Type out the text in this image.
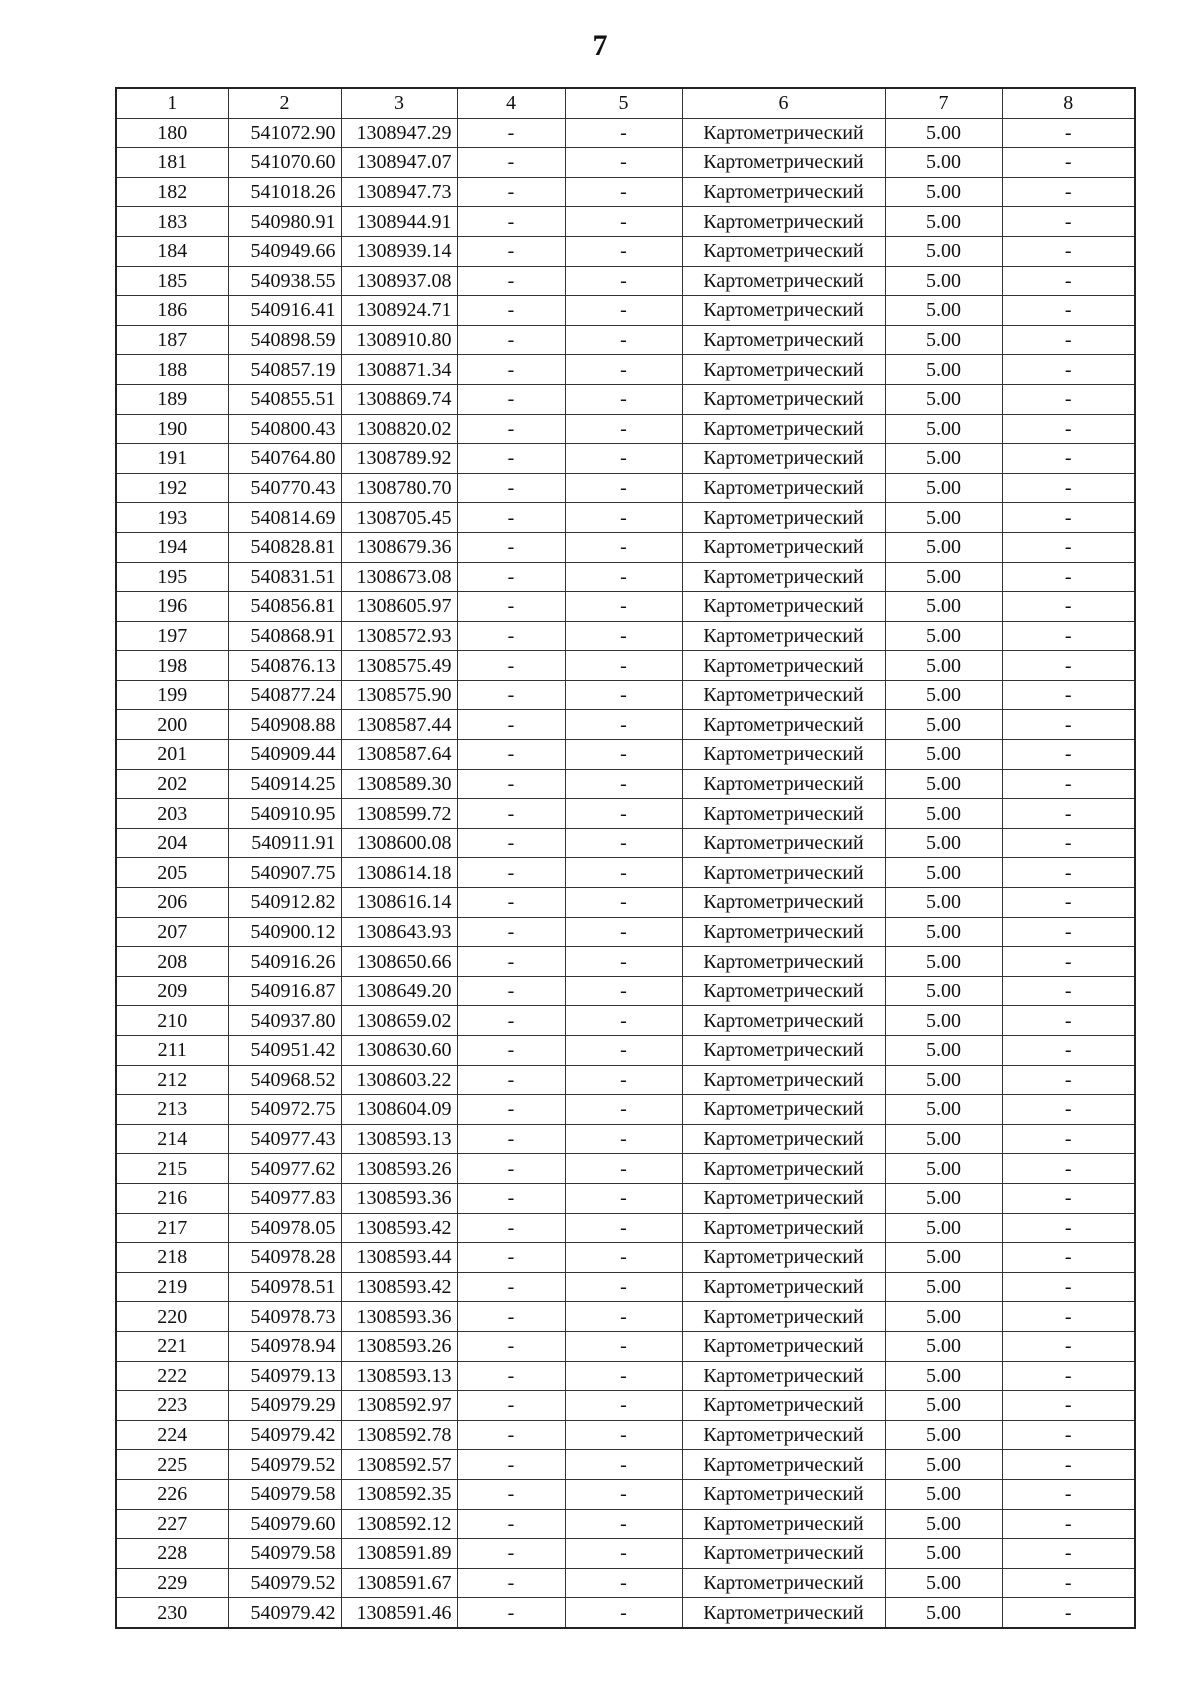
7
1	2	3	4	5	6	7	8
180	541072.90	1308947.29	-	-	Картометрический	5.00	-
181	541070.60	1308947.07	-	-	Картометрический	5.00	-
182	541018.26	1308947.73	-	-	Картометрический	5.00	-
183	540980.91	1308944.91	-	-	Картометрический	5.00	-
184	540949.66	1308939.14	-	-	Картометрический	5.00	-
185	540938.55	1308937.08	-	-	Картометрический	5.00	-
186	540916.41	1308924.71	-	-	Картометрический	5.00	-
187	540898.59	1308910.80	-	-	Картометрический	5.00	-
188	540857.19	1308871.34	-	-	Картометрический	5.00	-
189	540855.51	1308869.74	-	-	Картометрический	5.00	-
190	540800.43	1308820.02	-	-	Картометрический	5.00	-
191	540764.80	1308789.92	-	-	Картометрический	5.00	-
192	540770.43	1308780.70	-	-	Картометрический	5.00	-
193	540814.69	1308705.45	-	-	Картометрический	5.00	-
194	540828.81	1308679.36	-	-	Картометрический	5.00	-
195	540831.51	1308673.08	-	-	Картометрический	5.00	-
196	540856.81	1308605.97	-	-	Картометрический	5.00	-
197	540868.91	1308572.93	-	-	Картометрический	5.00	-
198	540876.13	1308575.49	-	-	Картометрический	5.00	-
199	540877.24	1308575.90	-	-	Картометрический	5.00	-
200	540908.88	1308587.44	-	-	Картометрический	5.00	-
201	540909.44	1308587.64	-	-	Картометрический	5.00	-
202	540914.25	1308589.30	-	-	Картометрический	5.00	-
203	540910.95	1308599.72	-	-	Картометрический	5.00	-
204	540911.91	1308600.08	-	-	Картометрический	5.00	-
205	540907.75	1308614.18	-	-	Картометрический	5.00	-
206	540912.82	1308616.14	-	-	Картометрический	5.00	-
207	540900.12	1308643.93	-	-	Картометрический	5.00	-
208	540916.26	1308650.66	-	-	Картометрический	5.00	-
209	540916.87	1308649.20	-	-	Картометрический	5.00	-
210	540937.80	1308659.02	-	-	Картометрический	5.00	-
211	540951.42	1308630.60	-	-	Картометрический	5.00	-
212	540968.52	1308603.22	-	-	Картометрический	5.00	-
213	540972.75	1308604.09	-	-	Картометрический	5.00	-
214	540977.43	1308593.13	-	-	Картометрический	5.00	-
215	540977.62	1308593.26	-	-	Картометрический	5.00	-
216	540977.83	1308593.36	-	-	Картометрический	5.00	-
217	540978.05	1308593.42	-	-	Картометрический	5.00	-
218	540978.28	1308593.44	-	-	Картометрический	5.00	-
219	540978.51	1308593.42	-	-	Картометрический	5.00	-
220	540978.73	1308593.36	-	-	Картометрический	5.00	-
221	540978.94	1308593.26	-	-	Картометрический	5.00	-
222	540979.13	1308593.13	-	-	Картометрический	5.00	-
223	540979.29	1308592.97	-	-	Картометрический	5.00	-
224	540979.42	1308592.78	-	-	Картометрический	5.00	-
225	540979.52	1308592.57	-	-	Картометрический	5.00	-
226	540979.58	1308592.35	-	-	Картометрический	5.00	-
227	540979.60	1308592.12	-	-	Картометрический	5.00	-
228	540979.58	1308591.89	-	-	Картометрический	5.00	-
229	540979.52	1308591.67	-	-	Картометрический	5.00	-
230	540979.42	1308591.46	-	-	Картометрический	5.00	-
